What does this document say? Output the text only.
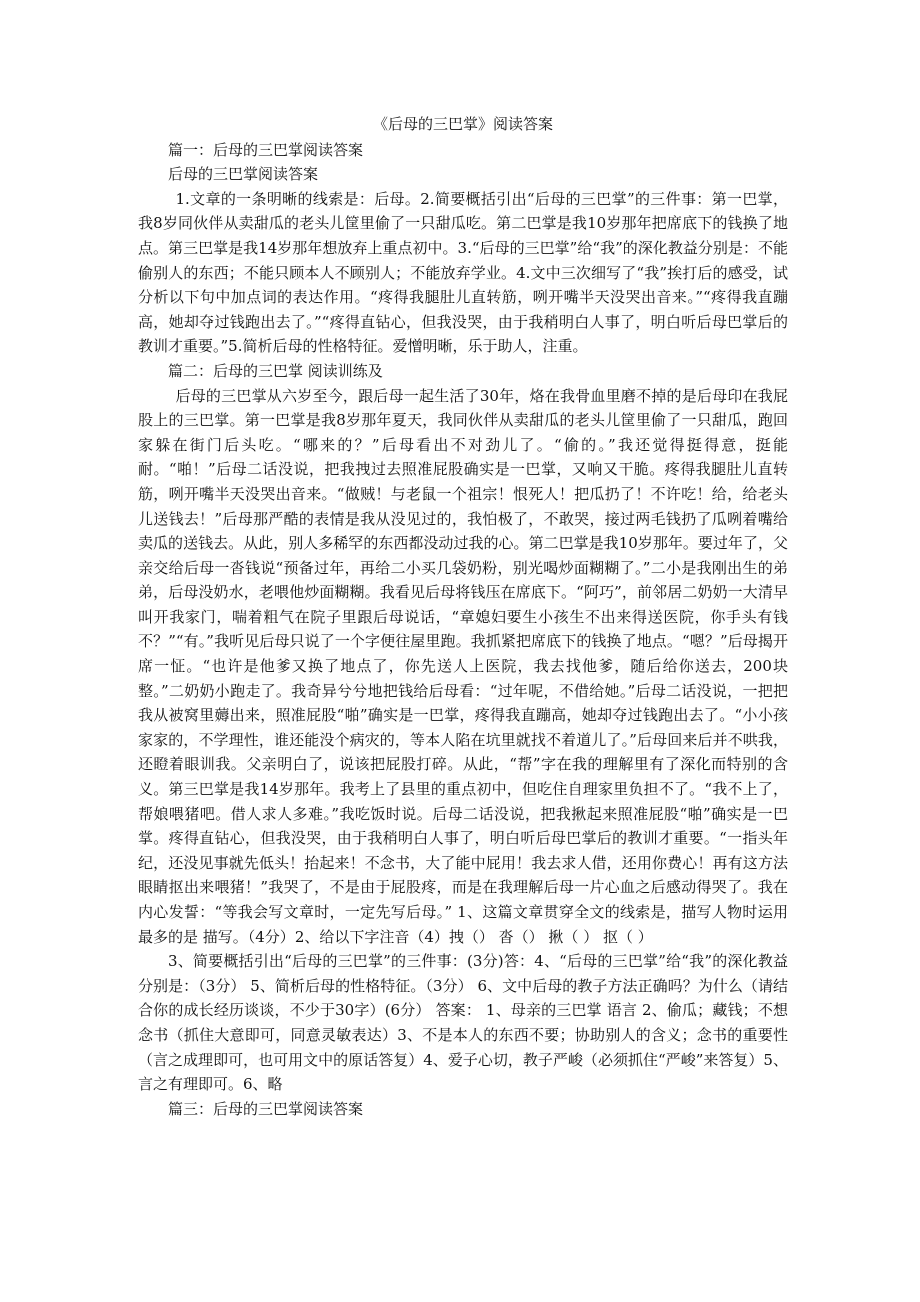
《后母的三巴掌》阅读答案

篇一：后母的三巴掌阅读答案

后母的三巴掌阅读答案

1.文章的一条明晰的线索是：后母。2.简要概括引出“后母的三巴掌”的三件事：第一巴掌，我8岁同伙伴从卖甜瓜的老头儿筐里偷了一只甜瓜吃。第二巴掌是我10岁那年把席底下的钱换了地点。第三巴掌是我14岁那年想放弃上重点初中。3.“后母的三巴掌”给“我”的深化教益分别是：不能偷别人的东西；不能只顾本人不顾别人；不能放弃学业。4.文中三次细写了“我”挨打后的感受，试分析以下句中加点词的表达作用。“疼得我腿肚儿直转筋，咧开嘴半天没哭出音来。”“疼得我直蹦高，她却夺过钱跑出去了。”“疼得直钻心，但我没哭，由于我稍明白人事了，明白听后母巴掌后的教训才重要。”5.简析后母的性格特征。爱憎明晰，乐于助人，注重。

篇二：后母的三巴掌 阅读训练及

后母的三巴掌从六岁至今，跟后母一起生活了30年，烙在我骨血里磨不掉的是后母印在我屁股上的三巴掌。第一巴掌是我8岁那年夏天，我同伙伴从卖甜瓜的老头儿筐里偷了一只甜瓜，跑回家躲在街门后头吃。“哪来的？”后母看出不对劲儿了。“偷的。”我还觉得挺得意，挺能耐。“啪！”后母二话没说，把我拽过去照准屁股确实是一巴掌，又响又干脆。疼得我腿肚儿直转筋，咧开嘴半天没哭出音来。“做贼！与老鼠一个祖宗！恨死人！把瓜扔了！不许吃！给，给老头儿送钱去！”后母那严酷的表情是我从没见过的，我怕极了，不敢哭，接过两毛钱扔了瓜咧着嘴给卖瓜的送钱去。从此，别人多稀罕的东西都没动过我的心。第二巴掌是我10岁那年。要过年了，父亲交给后母一沓钱说“预备过年，再给二小买几袋奶粉，别光喝炒面糊糊了。”二小是我刚出生的弟弟，后母没奶水，老喂他炒面糊糊。我看见后母将钱压在席底下。“阿巧”，前邻居二奶奶一大清早叫开我家门，喘着粗气在院子里跟后母说话，“章媳妇要生小孩生不出来得送医院，你手头有钱不？”“有。”我听见后母只说了一个字便往屋里跑。我抓紧把席底下的钱换了地点。“嗯？”后母揭开席一怔。“也许是他爹又换了地点了，你先送人上医院，我去找他爹，随后给你送去，200块整。”二奶奶小跑走了。我奇异兮兮地把钱给后母看：“过年呢，不借给她。”后母二话没说，一把把我从被窝里薅出来，照准屁股“啪”确实是一巴掌，疼得我直蹦高，她却夺过钱跑出去了。“小小孩家家的，不学理性，谁还能没个病灾的，等本人陷在坑里就找不着道儿了。”后母回来后并不哄我，还瞪着眼训我。父亲明白了，说该把屁股打碎。从此，“帮”字在我的理解里有了深化而特别的含义。第三巴掌是我14岁那年。我考上了县里的重点初中，但吃住自理家里负担不了。“我不上了，帮娘喂猪吧。借人求人多难。”我吃饭时说。后母二话没说，把我揪起来照准屁股“啪”确实是一巴掌。疼得直钻心，但我没哭，由于我稍明白人事了，明白听后母巴掌后的教训才重要。“一指头年纪，还没见事就先低头！抬起来！不念书，大了能中屁用！我去求人借，还用你费心！再有这方法眼睛抠出来喂猪！”我哭了，不是由于屁股疼，而是在我理解后母一片心血之后感动得哭了。我在内心发誓：“等我会写文章时，一定先写后母。” 1、这篇文章贯穿全文的线索是，描写人物时运用最多的是 描写。（4分）2、给以下字注音（4）拽（） 沓（） 揪（ ） 抠（ ）

3、简要概括引出“后母的三巴掌”的三件事：(3分)答：4、“后母的三巴掌”给“我”的深化教益分别是：（3分） 5、简析后母的性格特征。（3分） 6、文中后母的教子方法正确吗？为什么（请结合你的成长经历谈谈，不少于30字）(6分） 答案： 1、母亲的三巴掌 语言 2、偷瓜；藏钱；不想念书（抓住大意即可，同意灵敏表达）3、不是本人的东西不要；协助别人的含义；念书的重要性（言之成理即可，也可用文中的原话答复）4、爱子心切，教子严峻（必须抓住“严峻”来答复）5、言之有理即可。6、略

篇三：后母的三巴掌阅读答案
